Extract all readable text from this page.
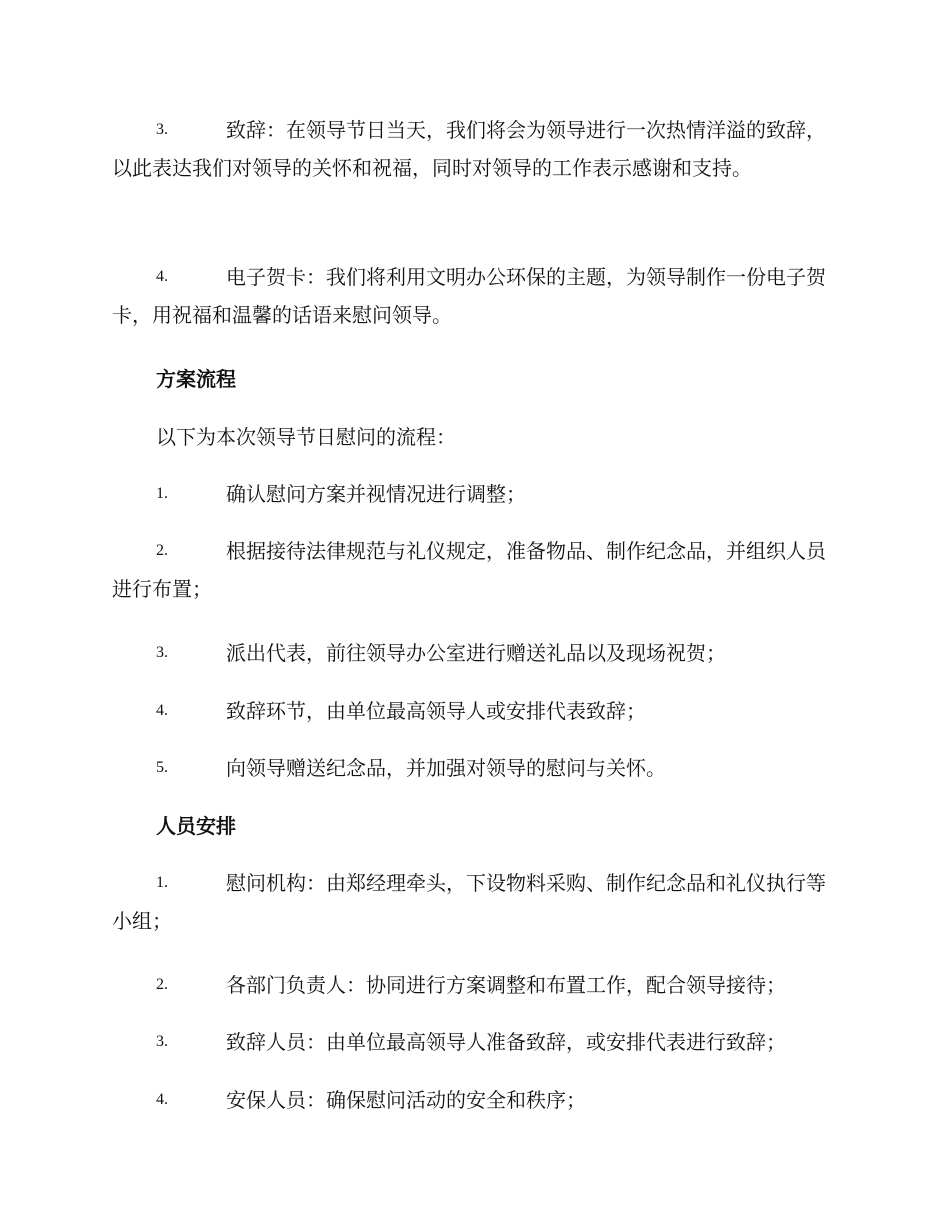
3.	致辞：在领导节日当天，我们将会为领导进行一次热情洋溢的致辞，以此表达我们对领导的关怀和祝福，同时对领导的工作表示感谢和支持。
4.	电子贺卡：我们将利用文明办公环保的主题，为领导制作一份电子贺卡，用祝福和温馨的话语来慰问领导。
方案流程
以下为本次领导节日慰问的流程：
1.	确认慰问方案并视情况进行调整；
2.	根据接待法律规范与礼仪规定，准备物品、制作纪念品，并组织人员进行布置；
3.	派出代表，前往领导办公室进行赠送礼品以及现场祝贺；
4.	致辞环节，由单位最高领导人或安排代表致辞；
5.	向领导赠送纪念品，并加强对领导的慰问与关怀。
人员安排
1.	慰问机构：由郑经理牵头，下设物料采购、制作纪念品和礼仪执行等小组；
2.	各部门负责人：协同进行方案调整和布置工作，配合领导接待；
3.	致辞人员：由单位最高领导人准备致辞，或安排代表进行致辞；
4.	安保人员：确保慰问活动的安全和秩序；
